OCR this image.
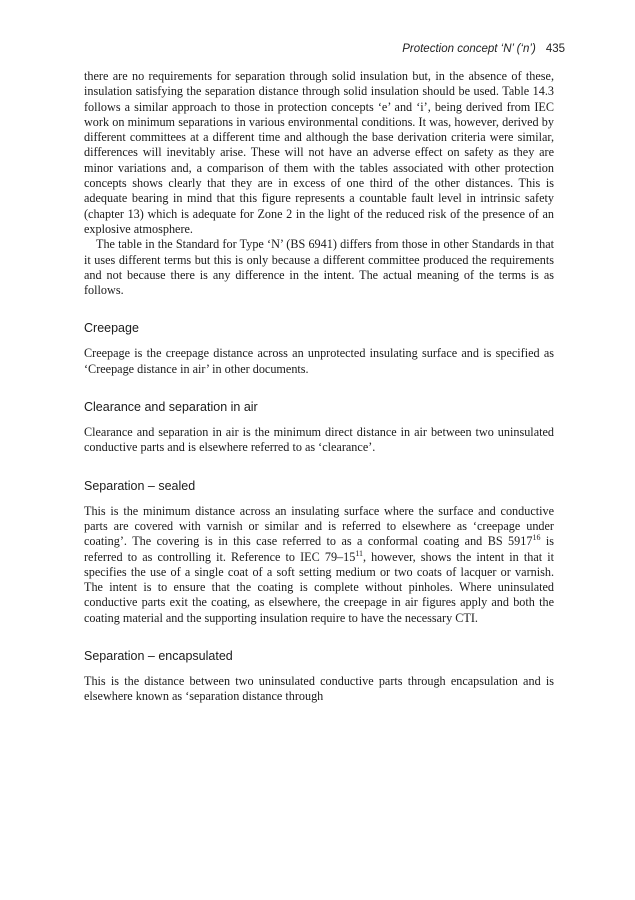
Protection concept ‘N’ (‘n’) 435

there are no requirements for separation through solid insulation but, in the absence of these, insulation satisfying the separation distance through solid insulation should be used. Table 14.3 follows a similar approach to those in protection concepts ‘e’ and ‘i’, being derived from IEC work on minimum separations in various environmental conditions. It was, however, derived by different committees at a different time and although the base derivation criteria were similar, differences will inevitably arise. These will not have an adverse effect on safety as they are minor variations and, a comparison of them with the tables associated with other protection concepts shows clearly that they are in excess of one third of the other distances. This is adequate bearing in mind that this figure represents a countable fault level in intrinsic safety (chapter 13) which is adequate for Zone 2 in the light of the reduced risk of the presence of an explosive atmosphere.

The table in the Standard for Type ‘N’ (BS 6941) differs from those in other Standards in that it uses different terms but this is only because a different committee produced the requirements and not because there is any difference in the intent. The actual meaning of the terms is as follows.

Creepage

Creepage is the creepage distance across an unprotected insulating surface and is specified as ‘Creepage distance in air’ in other documents.

Clearance and separation in air

Clearance and separation in air is the minimum direct distance in air between two uninsulated conductive parts and is elsewhere referred to as ‘clearance’.

Separation – sealed

This is the minimum distance across an insulating surface where the surface and conductive parts are covered with varnish or similar and is referred to elsewhere as ‘creepage under coating’. The covering is in this case referred to as a conformal coating and BS 5917$^{16}$ is referred to as controlling it. Reference to IEC $79-15^{11}$, however, shows the intent in that it specifies the use of a single coat of a soft setting medium or two coats of lacquer or varnish. The intent is to ensure that the coating is complete without pinholes. Where uninsulated conductive parts exit the coating, as elsewhere, the creepage in air figures apply and both the coating material and the supporting insulation require to have the necessary CTI.

Separation – encapsulated

This is the distance between two uninsulated conductive parts through encapsulation and is elsewhere known as ‘separation distance through
